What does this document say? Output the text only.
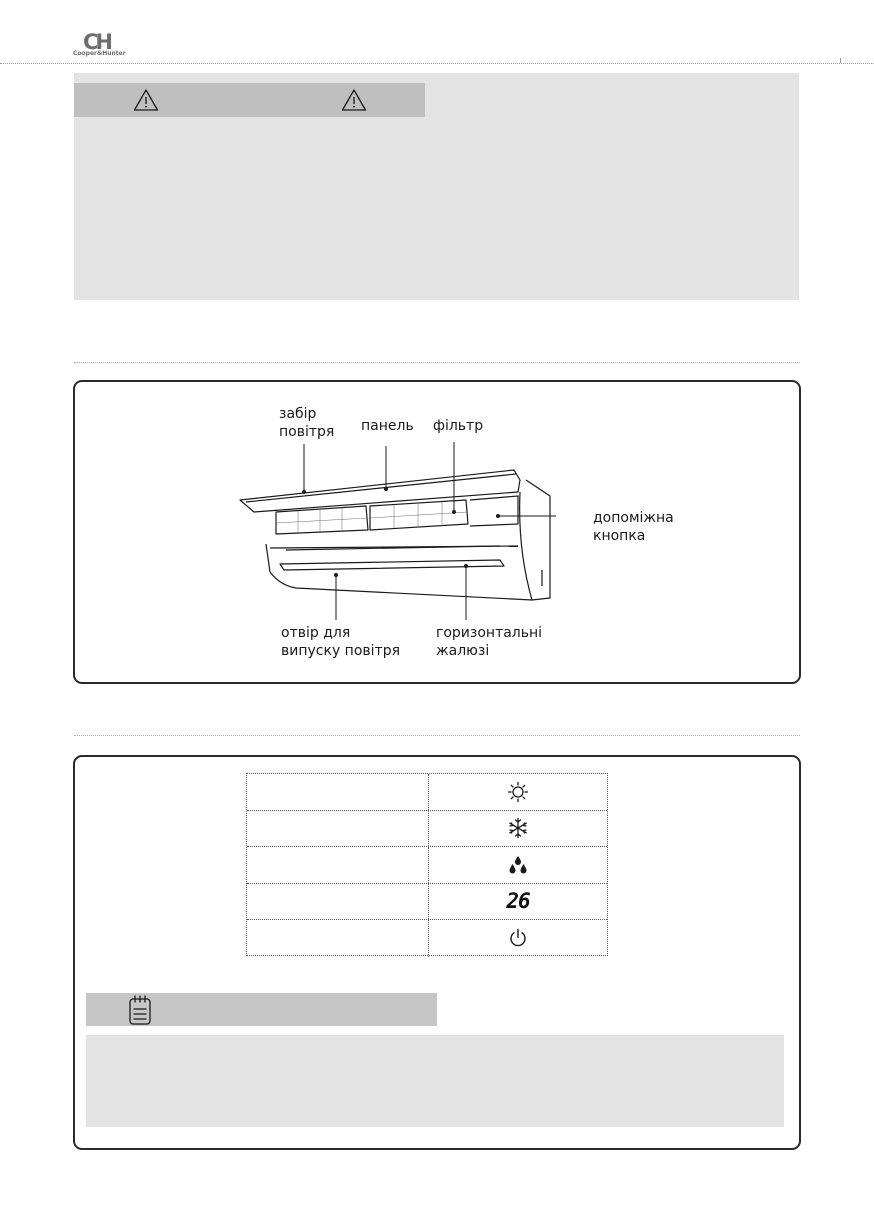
CH
Cooper&Hunter
забір
повітря панель фільтр
допоміжна
кнопка
отвір для
випуску повітря
горизонтальні
жалюзі
26
